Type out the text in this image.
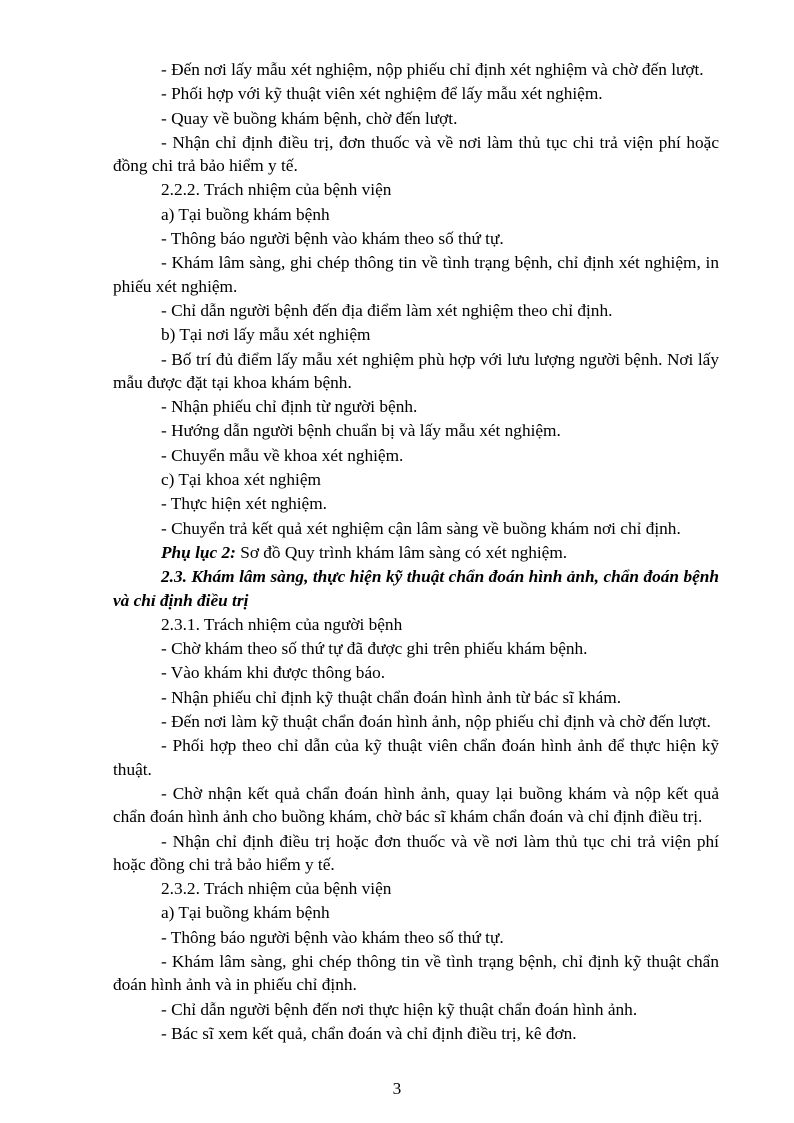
- Đến nơi lấy mẫu xét nghiệm, nộp phiếu chỉ định xét nghiệm và chờ đến lượt.

- Phối hợp với kỹ thuật viên xét nghiệm để lấy mẫu xét nghiệm.

- Quay về buồng khám bệnh, chờ đến lượt.

- Nhận chỉ định điều trị, đơn thuốc và về nơi làm thủ tục chi trả viện phí hoặc đồng chi trả bảo hiểm y tế.

2.2.2. Trách nhiệm của bệnh viện

a) Tại buồng khám bệnh

- Thông báo người bệnh vào khám theo số thứ tự.

- Khám lâm sàng, ghi chép thông tin về tình trạng bệnh, chỉ định xét nghiệm, in phiếu xét nghiệm.

- Chỉ dẫn người bệnh đến địa điểm làm xét nghiệm theo chỉ định.

b) Tại nơi lấy mẫu xét nghiệm

- Bố trí đủ điểm lấy mẫu xét nghiệm phù hợp với lưu lượng người bệnh. Nơi lấy mẫu được đặt tại khoa khám bệnh.

- Nhận phiếu chỉ định từ người bệnh.

- Hướng dẫn người bệnh chuẩn bị và lấy mẫu xét nghiệm.

- Chuyển mẫu về khoa xét nghiệm.

c) Tại khoa xét nghiệm

- Thực hiện xét nghiệm.

- Chuyển trả kết quả xét nghiệm cận lâm sàng về buồng khám nơi chỉ định.

Phụ lục 2: Sơ đồ Quy trình khám lâm sàng có xét nghiệm.

2.3. Khám lâm sàng, thực hiện kỹ thuật chẩn đoán hình ảnh, chẩn đoán bệnh và chỉ định điều trị

2.3.1. Trách nhiệm của người bệnh

- Chờ khám theo số thứ tự đã được ghi trên phiếu khám bệnh.

- Vào khám khi được thông báo.

- Nhận phiếu chỉ định kỹ thuật chẩn đoán hình ảnh từ bác sĩ khám.

- Đến nơi làm kỹ thuật chẩn đoán hình ảnh, nộp phiếu chỉ định và chờ đến lượt.

- Phối hợp theo chỉ dẫn của kỹ thuật viên chẩn đoán hình ảnh để thực hiện kỹ thuật.

- Chờ nhận kết quả chẩn đoán hình ảnh, quay lại buồng khám và nộp kết quả chẩn đoán hình ảnh cho buồng khám, chờ bác sĩ khám chẩn đoán và chỉ định điều trị.

- Nhận chỉ định điều trị hoặc đơn thuốc và về nơi làm thủ tục chi trả viện phí hoặc đồng chi trả bảo hiểm y tế.

2.3.2. Trách nhiệm của bệnh viện

a) Tại buồng khám bệnh

- Thông báo người bệnh vào khám theo số thứ tự.

- Khám lâm sàng, ghi chép thông tin về tình trạng bệnh, chỉ định kỹ thuật chẩn đoán hình ảnh và in phiếu chỉ định.

- Chỉ dẫn người bệnh đến nơi thực hiện kỹ thuật chẩn đoán hình ảnh.

- Bác sĩ xem kết quả, chẩn đoán và chỉ định điều trị, kê đơn.

3
